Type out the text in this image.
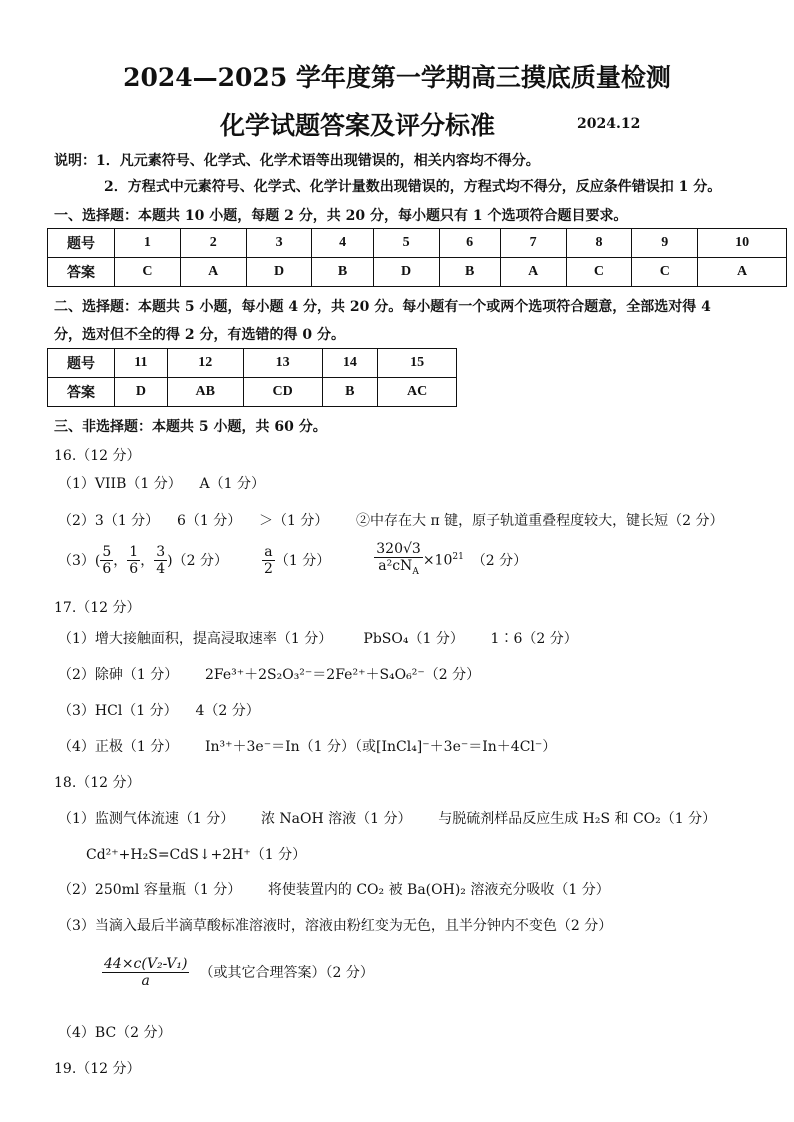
2024—2025 学年度第一学期高三摸底质量检测
化学试题答案及评分标准	2024.12
说明：1．凡元素符号、化学式、化学术语等出现错误的，相关内容均不得分。
2．方程式中元素符号、化学式、化学计量数出现错误的，方程式均不得分，反应条件错误扣 1 分。
一、选择题：本题共 10 小题，每题 2 分，共 20 分，每小题只有 1 个选项符合题目要求。
题号	1	2	3	4	5	6	7	8	9	10
答案	C	A	D	B	D	B	A	C	C	A
二、选择题：本题共 5 小题，每小题 4 分，共 20 分。每小题有一个或两个选项符合题意，全部选对得 4
分，选对但不全的得 2 分，有选错的得 0 分。
题号	11	12	13	14	15
答案	D	AB	CD	B	AC
三、非选择题：本题共 5 小题，共 60 分。
16.（12 分）
（1）VIIB（1 分）    A（1 分）
（2）3（1 分）    6（1 分）    ＞（1 分） ②中存在大 π 键，原子轨道重叠程度较大，键长短（2 分）
$(3)( \frac{5}{6}$ ， $\frac{1}{6}$ ， $\frac{3}{4} )(2$ 分） $\frac{a}{2} (1$ 分）	$\frac{320√3}{a^2cN_A} \times 10^{21}$ （2 分）
17.（12 分）
（1）增大接触面积，提高浸取速率（1 分）       PbSO₄（1 分）      1∶6（2 分）
（2）除砷（1 分）      2Fe³⁺＋2S₂O₃²⁻＝2Fe²⁺＋S₄O₆²⁻（2 分）
（3）HCl（1 分）    4（2 分）
（4）正极（1 分）      In³⁺＋3e⁻＝In（1 分）（或[InCl₄]⁻＋3e⁻＝In＋4Cl⁻）
18.（12 分）
（1）监测气体流速（1 分）      浓 NaOH 溶液（1 分）      与脱硫剂样品反应生成 H₂S 和 CO₂（1 分）
Cd²⁺+H₂S=CdS↓+2H⁺（1 分）
（2）250ml 容量瓶（1 分）      将使装置内的 CO₂ 被 Ba(OH)₂ 溶液充分吸收（1 分）
（3）当滴入最后半滴草酸标准溶液时，溶液由粉红变为无色，且半分钟内不变色（2 分）
$\frac{\text{44×c(V₂-V₁)}}{a}$ （或其它合理答案）（2 分）
（4）BC（2 分）
19.（12 分）
